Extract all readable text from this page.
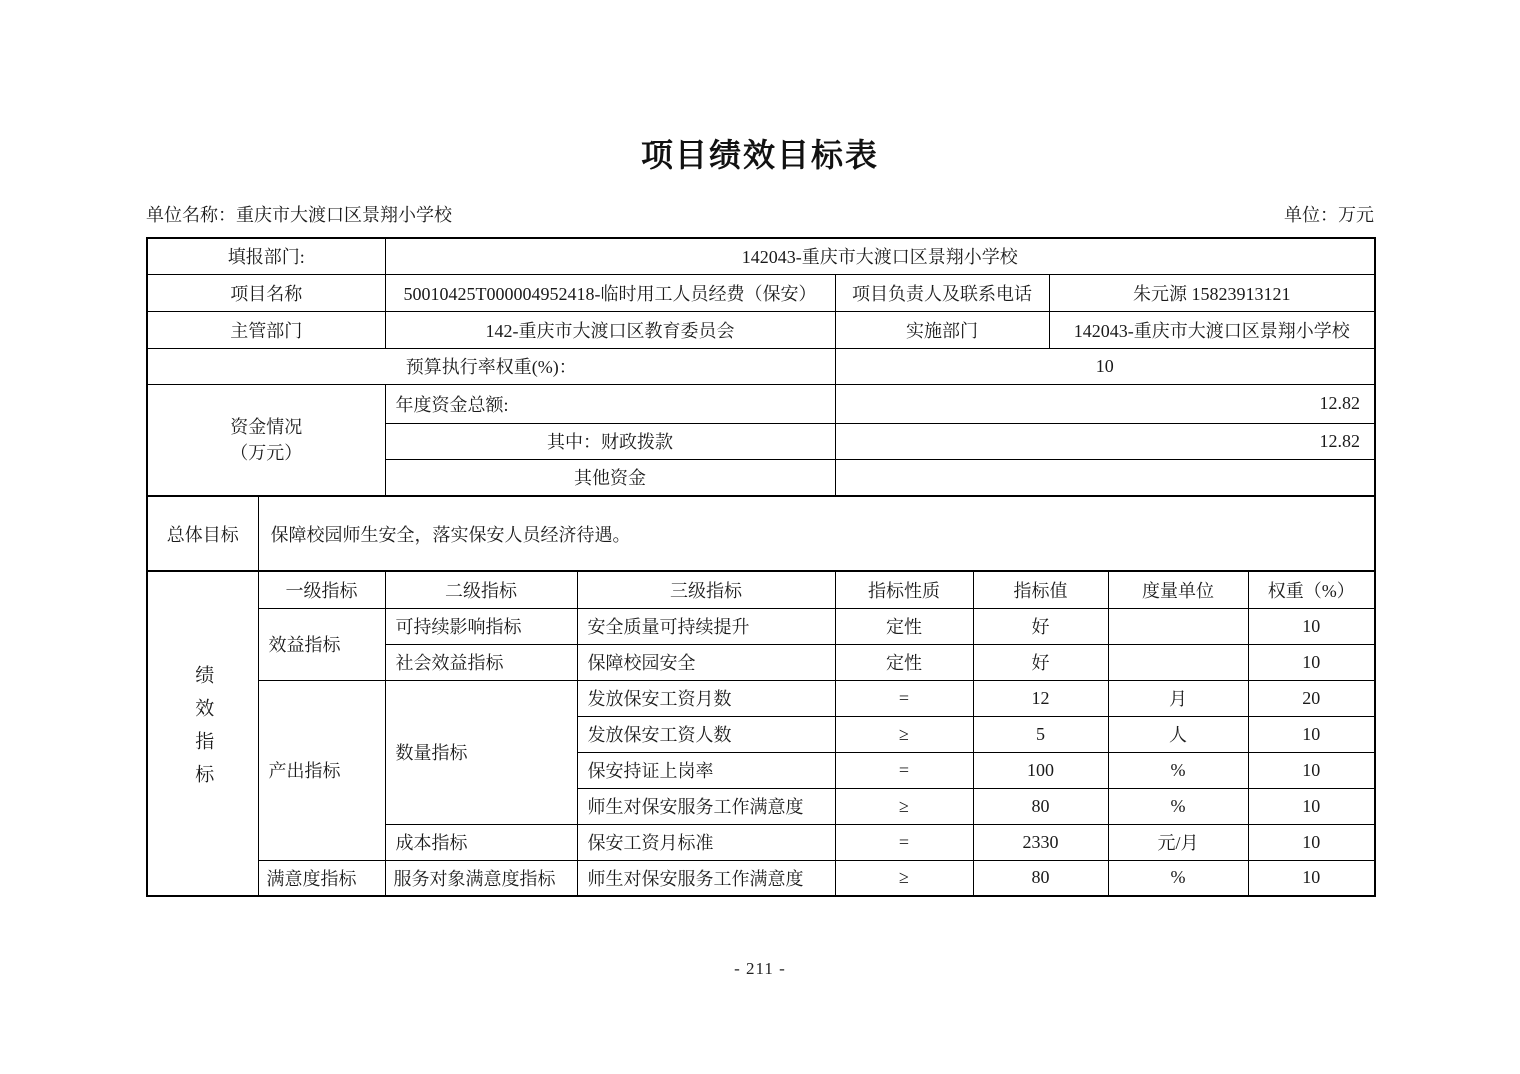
项目绩效目标表
单位名称：重庆市大渡口区景翔小学校	单位：万元
填报部门:	142043-重庆市大渡口区景翔小学校		
项目名称	50010425T000004952418-临时用工人员经费（保安）	项目负责人及联系电话	朱元源 15823913121
主管部门	142-重庆市大渡口区教育委员会	实施部门	142043-重庆市大渡口区景翔小学校
预算执行率权重(%)：		10	

资金情况
（万元）	年度资金总额:	12.82	
	其中：财政拨款	12.82	
	其他资金		
总体目标	保障校园师生安全，落实保安人员经济待遇。
绩效指标	一级指标	二级指标	三级指标	指标性质	指标值	度量单位	权重（%）
	效益指标	可持续影响指标	安全质量可持续提升	定性	好		10
		社会效益指标	保障校园安全	定性	好		10
	产出指标	数量指标	发放保安工资月数	=	12	月	20
			发放保安工资人数	≥	5	人	10
			保安持证上岗率	=	100	%	10
			师生对保安服务工作满意度	≥	80	%	10
		成本指标	保安工资月标准	=	2330	元/月	10
	满意度指标	服务对象满意度指标	师生对保安服务工作满意度	≥	80	%	10
- 211 -
